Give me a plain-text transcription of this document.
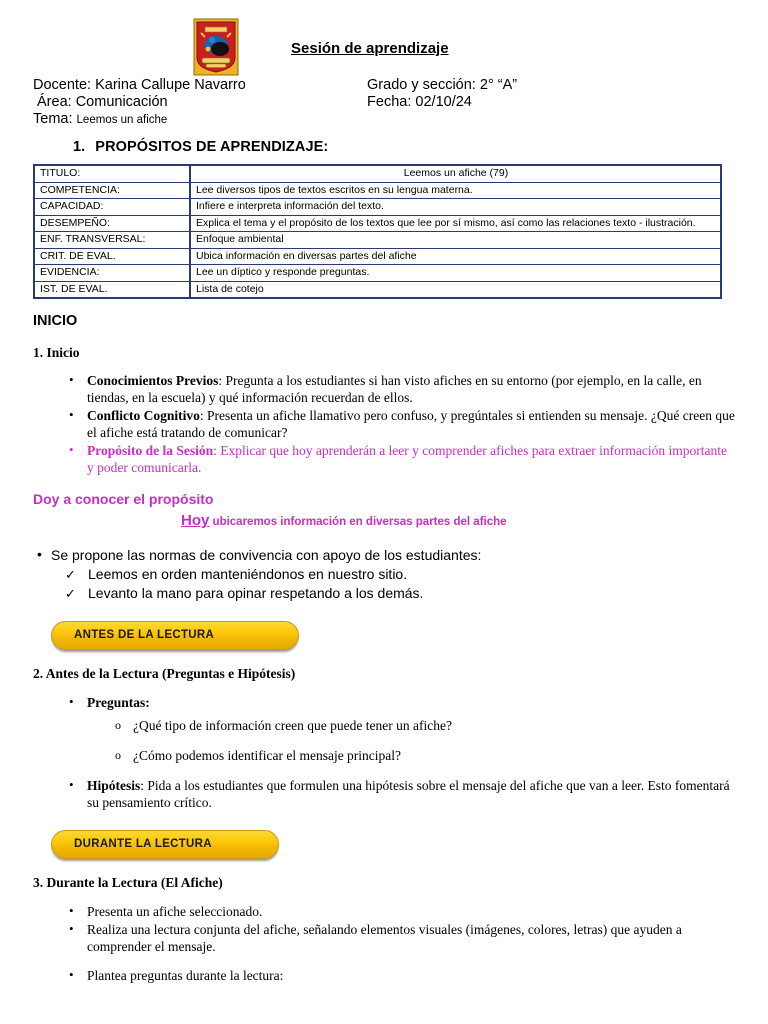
Sesión de aprendizaje
Docente: Karina Callupe Navarro
Área: Comunicación
Tema: Leemos un afiche

Grado y sección: 2° “A”
Fecha: 02/10/24
1. PROPÓSITOS DE APRENDIZAJE:
TITULO:	Leemos un afiche (79)
COMPETENCIA:	Lee diversos tipos de textos escritos en su lengua materna.
CAPACIDAD:	Infiere e interpreta información del texto.
DESEMPEÑO:	Explica el tema y el propósito de los textos que lee por sí mismo, así como las relaciones texto - ilustración.
ENF. TRANSVERSAL:	Enfoque ambiental
CRIT. DE EVAL.	Ubica información en diversas partes del afiche
EVIDENCIA:	Lee un díptico y responde preguntas.
IST. DE EVAL.	Lista de cotejo
INICIO
1. Inicio
• Conocimientos Previos: Pregunta a los estudiantes si han visto afiches en su entorno (por ejemplo, en la calle, en tiendas, en la escuela) y qué información recuerdan de ellos.
• Conflicto Cognitivo: Presenta un afiche llamativo pero confuso, y pregúntales si entienden su mensaje. ¿Qué creen que el afiche está tratando de comunicar?
• Propósito de la Sesión: Explicar que hoy aprenderán a leer y comprender afiches para extraer información importante y poder comunicarla.
Doy a conocer el propósito
Hoy ubicaremos información en diversas partes del afiche
• Se propone las normas de convivencia con apoyo de los estudiantes:
✓ Leemos en orden manteniéndonos en nuestro sitio.
✓ Levanto la mano para opinar respetando a los demás.
ANTES DE LA LECTURA
2. Antes de la Lectura (Preguntas e Hipótesis)
• Preguntas:
o ¿Qué tipo de información creen que puede tener un afiche?
o ¿Cómo podemos identificar el mensaje principal?
• Hipótesis: Pida a los estudiantes que formulen una hipótesis sobre el mensaje del afiche que van a leer. Esto fomentará su pensamiento crítico.
DURANTE LA LECTURA
3. Durante la Lectura (El Afiche)
• Presenta un afiche seleccionado.
• Realiza una lectura conjunta del afiche, señalando elementos visuales (imágenes, colores, letras) que ayuden a comprender el mensaje.
• Plantea preguntas durante la lectura:
